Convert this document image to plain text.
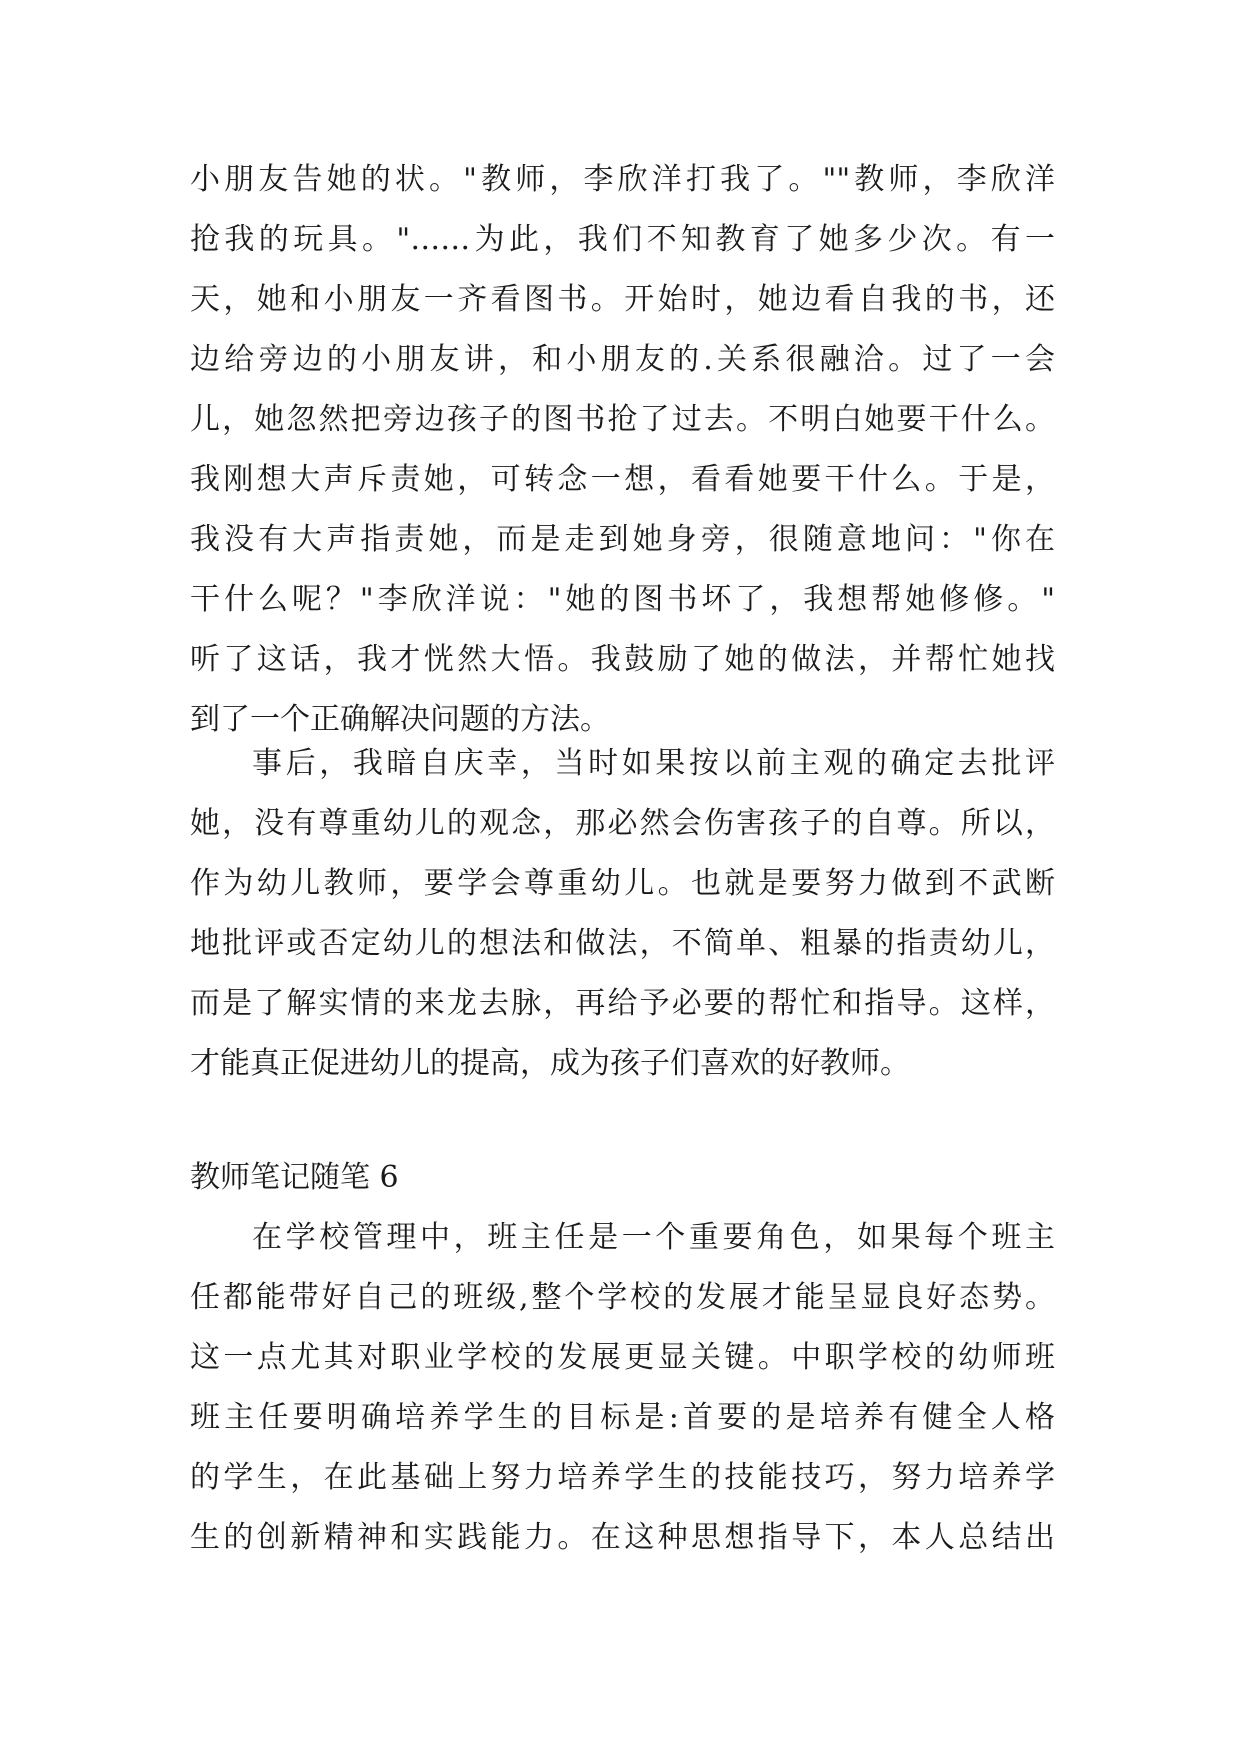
小朋友告她的状。"教师，李欣洋打我了。""教师，李欣洋
抢我的玩具。"……为此，我们不知教育了她多少次。有一
天，她和小朋友一齐看图书。开始时，她边看自我的书，还
边给旁边的小朋友讲，和小朋友的.关系很融洽。过了一会
儿，她忽然把旁边孩子的图书抢了过去。不明白她要干什么。
我刚想大声斥责她，可转念一想，看看她要干什么。于是，
我没有大声指责她，而是走到她身旁，很随意地问："你在
干什么呢？"李欣洋说："她的图书坏了，我想帮她修修。"
听了这话，我才恍然大悟。我鼓励了她的做法，并帮忙她找
到了一个正确解决问题的方法。
事后，我暗自庆幸，当时如果按以前主观的确定去批评
她，没有尊重幼儿的观念，那必然会伤害孩子的自尊。所以，
作为幼儿教师，要学会尊重幼儿。也就是要努力做到不武断
地批评或否定幼儿的想法和做法，不简单、粗暴的指责幼儿，
而是了解实情的来龙去脉，再给予必要的帮忙和指导。这样，
才能真正促进幼儿的提高，成为孩子们喜欢的好教师。
教师笔记随笔 6
在学校管理中，班主任是一个重要角色，如果每个班主
任都能带好自己的班级,整个学校的发展才能呈显良好态势。
这一点尤其对职业学校的发展更显关键。中职学校的幼师班
班主任要明确培养学生的目标是:首要的是培养有健全人格
的学生，在此基础上努力培养学生的技能技巧，努力培养学
生的创新精神和实践能力。在这种思想指导下，本人总结出
